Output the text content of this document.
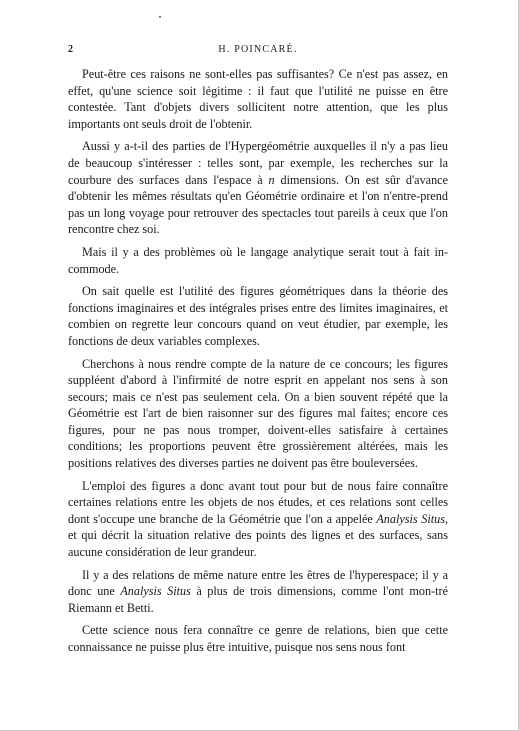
2	H. POINCARÉ.

Peut-être ces raisons ne sont-elles pas suffisantes? Ce n'est pas assez, en effet, qu'une science soit légitime : il faut que l'utilité ne puisse en être contestée. Tant d'objets divers sollicitent notre attention, que les plus importants ont seuls droit de l'obtenir.

Aussi y a-t-il des parties de l'Hypergéométrie auxquelles il n'y a pas lieu de beaucoup s'intéresser : telles sont, par exemple, les recherches sur la courbure des surfaces dans l'espace à n dimensions. On est sûr d'avance d'obtenir les mêmes résultats qu'en Géométrie ordinaire et l'on n'entre-prend pas un long voyage pour retrouver des spectacles tout pareils à ceux que l'on rencontre chez soi.

Mais il y a des problèmes où le langage analytique serait tout à fait in-commode.

On sait quelle est l'utilité des figures géométriques dans la théorie des fonctions imaginaires et des intégrales prises entre des limites imaginaires, et combien on regrette leur concours quand on veut étudier, par exemple, les fonctions de deux variables complexes.

Cherchons à nous rendre compte de la nature de ce concours; les figures suppléent d'abord à l'infirmité de notre esprit en appelant nos sens à son secours; mais ce n'est pas seulement cela. On a bien souvent répété que la Géométrie est l'art de bien raisonner sur des figures mal faites; encore ces figures, pour ne pas nous tromper, doivent-elles satisfaire à certaines conditions; les proportions peuvent être grossièrement altérées, mais les positions relatives des diverses parties ne doivent pas être bouleversées.

L'emploi des figures a donc avant tout pour but de nous faire connaître certaines relations entre les objets de nos études, et ces relations sont celles dont s'occupe une branche de la Géométrie que l'on a appelée Analysis Situs, et qui décrit la situation relative des points des lignes et des surfaces, sans aucune considération de leur grandeur.

Il y a des relations de même nature entre les êtres de l'hyperespace; il y a donc une Analysis Situs à plus de trois dimensions, comme l'ont mon-tré Riemann et Betti.

Cette science nous fera connaître ce genre de relations, bien que cette connaissance ne puisse plus être intuitive, puisque nos sens nous font
